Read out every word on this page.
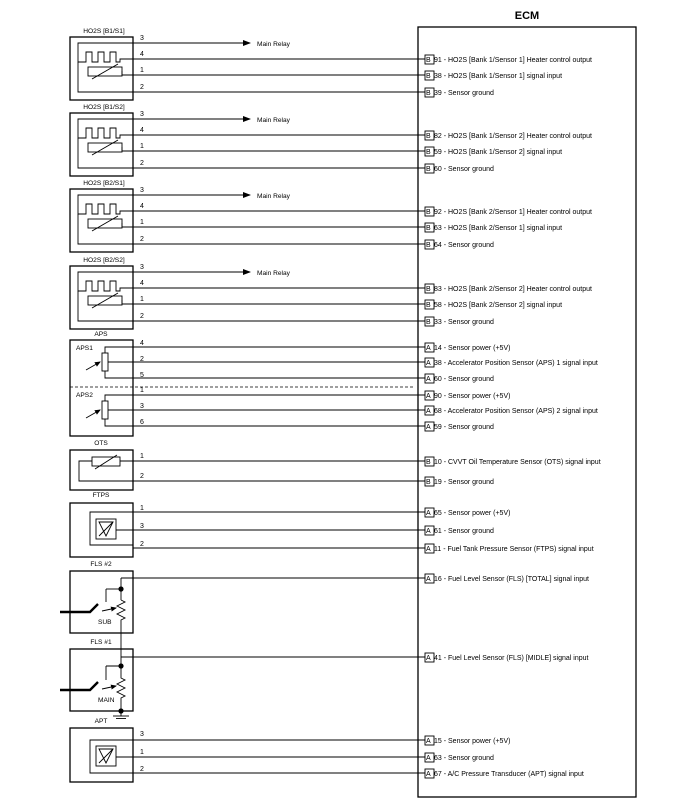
ECM
HO2S [B1/S1]
3
4
1
2
Main Relay
B 91 - HO2S [Bank 1/Sensor 1] Heater control output
B 38 - HO2S [Bank 1/Sensor 1] signal input
B 39 - Sensor ground
HO2S [B1/S2]
3
4
1
2
Main Relay
B 82 - HO2S [Bank 1/Sensor 2] Heater control output
B 59 - HO2S [Bank 1/Sensor 2] signal input
B 60 - Sensor ground
HO2S [B2/S1]
3
4
1
2
Main Relay
B 92 - HO2S [Bank 2/Sensor 1] Heater control output
B 63 - HO2S [Bank 2/Sensor 1] signal input
B 64 - Sensor ground
HO2S [B2/S2]
3
4
1
2
Main Relay
B 83 - HO2S [Bank 2/Sensor 2] Heater control output
B 58 - HO2S [Bank 2/Sensor 2] signal input
B 33 - Sensor ground
APS
APS1
4
2
5
APS2
1
3
6
A 14 - Sensor power (+5V)
A 38 - Accelerator Position Sensor (APS) 1 signal input
A 60 - Sensor ground
A 90 - Sensor power (+5V)
A 68 - Accelerator Position Sensor (APS) 2 signal input
A 59 - Sensor ground
OTS
1
2
B 10 - CVVT Oil Temperature Sensor (OTS) signal input
B 19 - Sensor ground
FTPS
1
3
2
A 65 - Sensor power (+5V)
A 61 - Sensor ground
A 11 - Fuel Tank Pressure Sensor (FTPS) signal input
FLS #2
SUB
A 16 - Fuel Level Sensor (FLS) [TOTAL] signal input
FLS #1
MAIN
A 41 - Fuel Level Sensor (FLS) [MIDLE] signal input
APT
3
1
2
A 15 - Sensor power (+5V)
A 63 - Sensor ground
A 67 - A/C Pressure Transducer (APT) signal input
